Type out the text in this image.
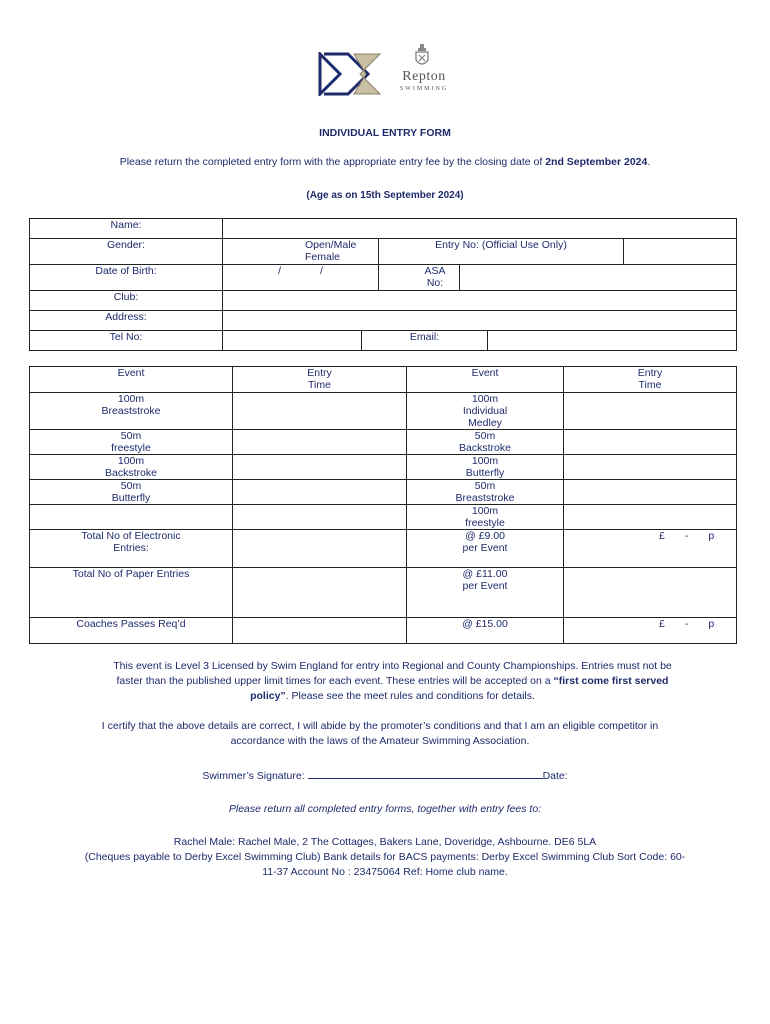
Repton
SWIMMING
INDIVIDUAL ENTRY FORM
Please return the completed entry form with the appropriate entry fee by the closing date of 2nd September 2024.
(Age as on 15th September 2024)
Name:						
Gender:	Open/Male Female		Entry No: (Official Use Only)			
Date of Birth:	/ /		ASA No:			

Club:						
Address:						
Tel No:		Email:				
Event	Entry Time	Event	Entry Time

100m Breaststroke		100m Individual Medley	

50m freestyle		50m Backstroke	

100m Backstroke		100m Butterfly	

50m Butterfly		50m Breaststroke	

		100m freestyle	

Total No of Electronic Entries:		@ £9.00 per Event	£ - p
Total No of Paper Entries		@ £11.00 per Event	

Coaches Passes Req’d		@ £15.00	£ - p
This event is Level 3 Licensed by Swim England for entry into Regional and County Championships. Entries must not be faster than the published upper limit times for each event. These entries will be accepted on a “first come first served policy”. Please see the meet rules and conditions for details.
I certify that the above details are correct, I will abide by the promoter’s conditions and that I am an eligible competitor in accordance with the laws of the Amateur Swimming Association.
Swimmer’s Signature:	Date:
Please return all completed entry forms, together with entry fees to:
Rachel Male: Rachel Male, 2 The Cottages, Bakers Lane, Doveridge, Ashbourne. DE6 5LA
(Cheques payable to Derby Excel Swimming Club) Bank details for BACS payments: Derby Excel Swimming Club Sort Code: 60-11-37 Account No : 23475064 Ref: Home club name.
